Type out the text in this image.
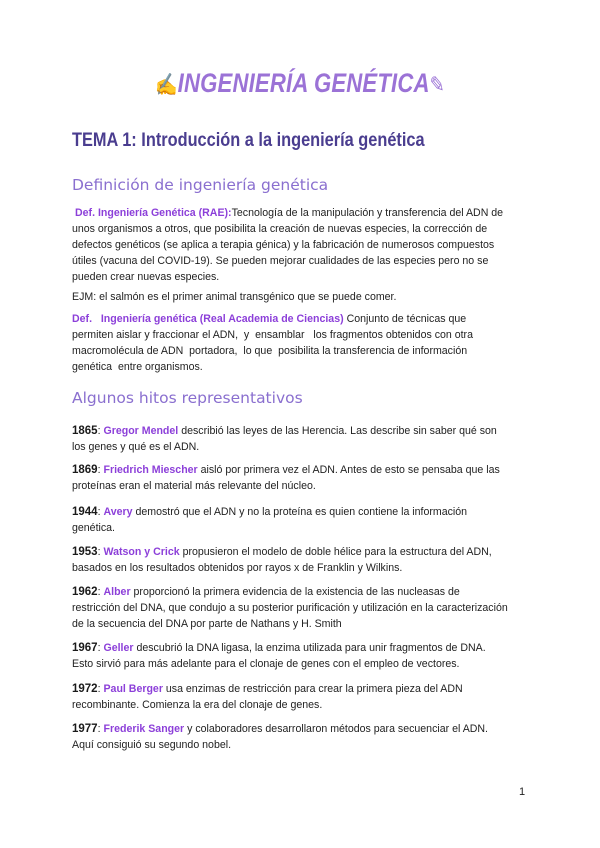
✍INGENIERÍA GENÉTICA✎
TEMA 1: Introducción a la ingeniería genética
Definición de ingeniería genética
Def. Ingeniería Genética (RAE):Tecnología de la manipulación y transferencia del ADN de
unos organismos a otros, que posibilita la creación de nuevas especies, la corrección de
defectos genéticos (se aplica a terapia génica) y la fabricación de numerosos compuestos
útiles (vacuna del COVID-19). Se pueden mejorar cualidades de las especies pero no se
pueden crear nuevas especies.
EJM: el salmón es el primer animal transgénico que se puede comer.
Def.   Ingeniería genética (Real Academia de Ciencias) Conjunto de técnicas que
permiten aislar y fraccionar el ADN,  y  ensamblar   los fragmentos obtenidos con otra
macromolécula de ADN  portadora,  lo que  posibilita la transferencia de información
genética  entre organismos.
Algunos hitos representativos
1865: Gregor Mendel describió las leyes de las Herencia. Las describe sin saber qué son
los genes y qué es el ADN.
1869: Friedrich Miescher aisló por primera vez el ADN. Antes de esto se pensaba que las
proteínas eran el material más relevante del núcleo.
1944: Avery demostró que el ADN y no la proteína es quien contiene la información
genética.
1953: Watson y Crick propusieron el modelo de doble hélice para la estructura del ADN,
basados en los resultados obtenidos por rayos x de Franklin y Wilkins.
1962: Alber proporcionó la primera evidencia de la existencia de las nucleasas de
restricción del DNA, que condujo a su posterior purificación y utilización en la caracterización
de la secuencia del DNA por parte de Nathans y H. Smith
1967: Geller descubrió la DNA ligasa, la enzima utilizada para unir fragmentos de DNA.
Esto sirvió para más adelante para el clonaje de genes con el empleo de vectores.
1972: Paul Berger usa enzimas de restricción para crear la primera pieza del ADN
recombinante. Comienza la era del clonaje de genes.
1977: Frederik Sanger y colaboradores desarrollaron métodos para secuenciar el ADN.
Aquí consiguió su segundo nobel.
1
